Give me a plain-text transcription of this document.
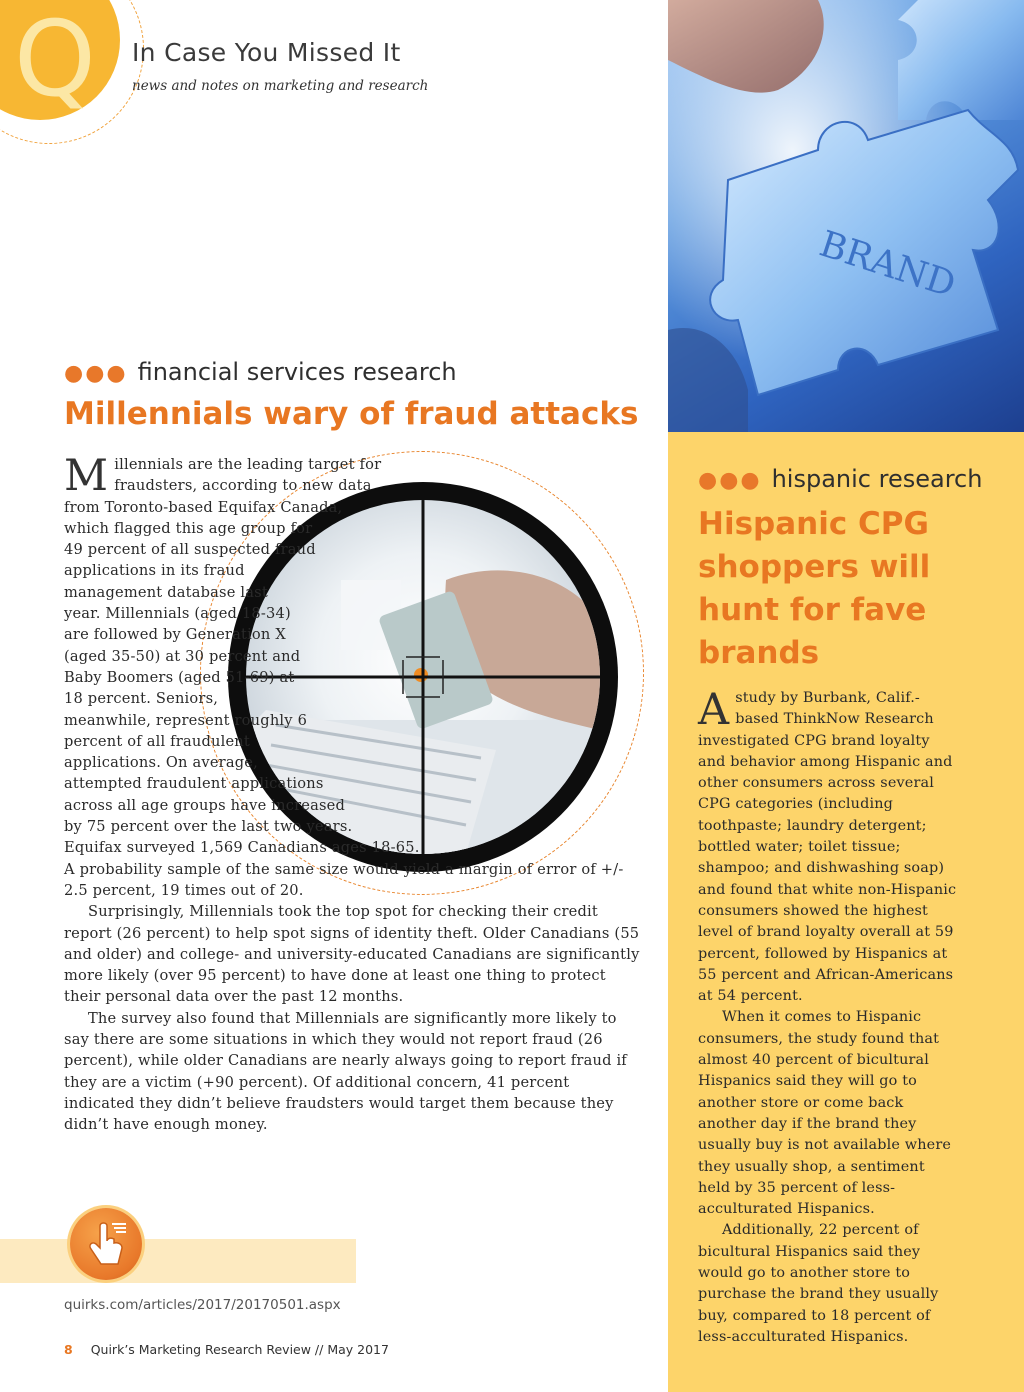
Q In Case You Missed It
news and notes on marketing and research
BRAND
●●● financial services research
Millennials wary of fraud attacks

Millennials are the leading target for fraudsters, according to new data from Toronto-based Equifax Canada, which flagged this age group for 49 percent of all suspected fraud applications in its fraud management database last year. Millennials (aged 18-34) are followed by Generation X (aged 35-50) at 30 percent and Baby Boomers (aged 51-69) at 18 percent. Seniors, meanwhile, represent roughly 6 percent of all fraudulent applications. On average, attempted fraudulent applications across all age groups have increased by 75 percent over the last two years. Equifax surveyed 1,569 Canadians ages 18-65. A probability sample of the same size would yield a margin of error of +/- 2.5 percent, 19 times out of 20.

Surprisingly, Millennials took the top spot for checking their credit report (26 percent) to help spot signs of identity theft. Older Canadians (55 and older) and college- and university-educated Canadians are significantly more likely (over 95 percent) to have done at least one thing to protect their personal data over the past 12 months.

The survey also found that Millennials are significantly more likely to say there are some situations in which they would not report fraud (26 percent), while older Canadians are nearly always going to report fraud if they are a victim (+90 percent). Of additional concern, 41 percent indicated they didn’t believe fraudsters would target them because they didn’t have enough money.

●●● hispanic research
Hispanic CPG shoppers will hunt for fave brands

Astudy by Burbank, Calif.-based ThinkNow Research investigated CPG brand loyalty and behavior among Hispanic and other consumers across several CPG categories (including toothpaste; laundry detergent; bottled water; toilet tissue; shampoo; and dishwashing soap) and found that white non-Hispanic consumers showed the highest level of brand loyalty overall at 59 percent, followed by Hispanics at 55 percent and African-Americans at 54 percent.

When it comes to Hispanic consumers, the study found that almost 40 percent of bicultural Hispanics said they will go to another store or come back another day if the brand they usually buy is not available where they usually shop, a sentiment held by 35 percent of less-acculturated Hispanics.

Additionally, 22 percent of bicultural Hispanics said they would go to another store to purchase the brand they usually buy, compared to 18 percent of less-acculturated Hispanics.

quirks.com/articles/2017/20170501.aspx
8 Quirk’s Marketing Research Review // May 2017
